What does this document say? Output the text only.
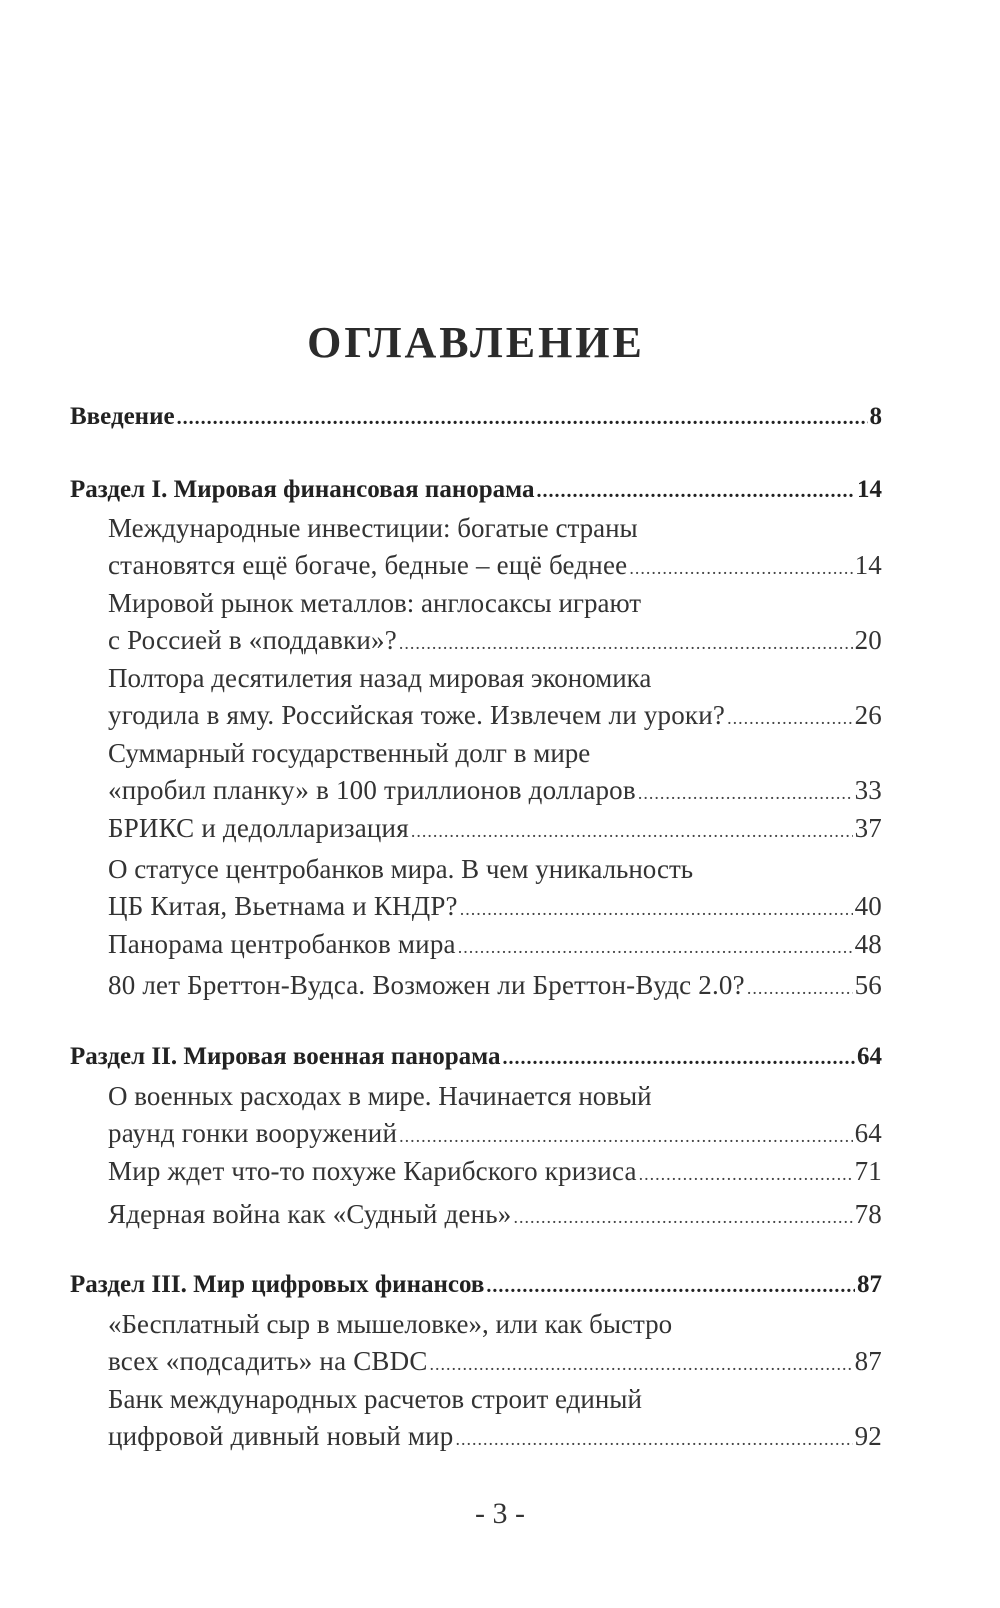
ОГЛАВЛЕНИЕ
Введение .....	8
Раздел I. Мировая финансовая панорама .....	14
Международные инвестиции: богатые страны
становятся ещё богаче, бедные – ещё беднее .....	14
Мировой рынок металлов: англосаксы играют
с Россией в «поддавки»? .....	20
Полтора десятилетия назад мировая экономика
угодила в яму. Российская тоже. Извлечем ли уроки? .....	26
Суммарный государственный долг в мире
«пробил планку» в 100 триллионов долларов .....	33
БРИКС и дедолларизация .....	37
О статусе центробанков мира. В чем уникальность
ЦБ Китая, Вьетнама и КНДР? .....	40
Панорама центробанков мира .....	48
80 лет Бреттон-Вудса. Возможен ли Бреттон-Вудс 2.0? .....	56
Раздел II. Мировая военная панорама .....	64
О военных расходах в мире. Начинается новый
раунд гонки вооружений .....	64
Мир ждет что-то похуже Карибского кризиса .....	71
Ядерная война как «Судный день» .....	78
Раздел III. Мир цифровых финансов .....	87
«Бесплатный сыр в мышеловке», или как быстро
всех «подсадить» на CBDC .....	87
Банк международных расчетов строит единый
цифровой дивный новый мир .....	92
- 3 -
